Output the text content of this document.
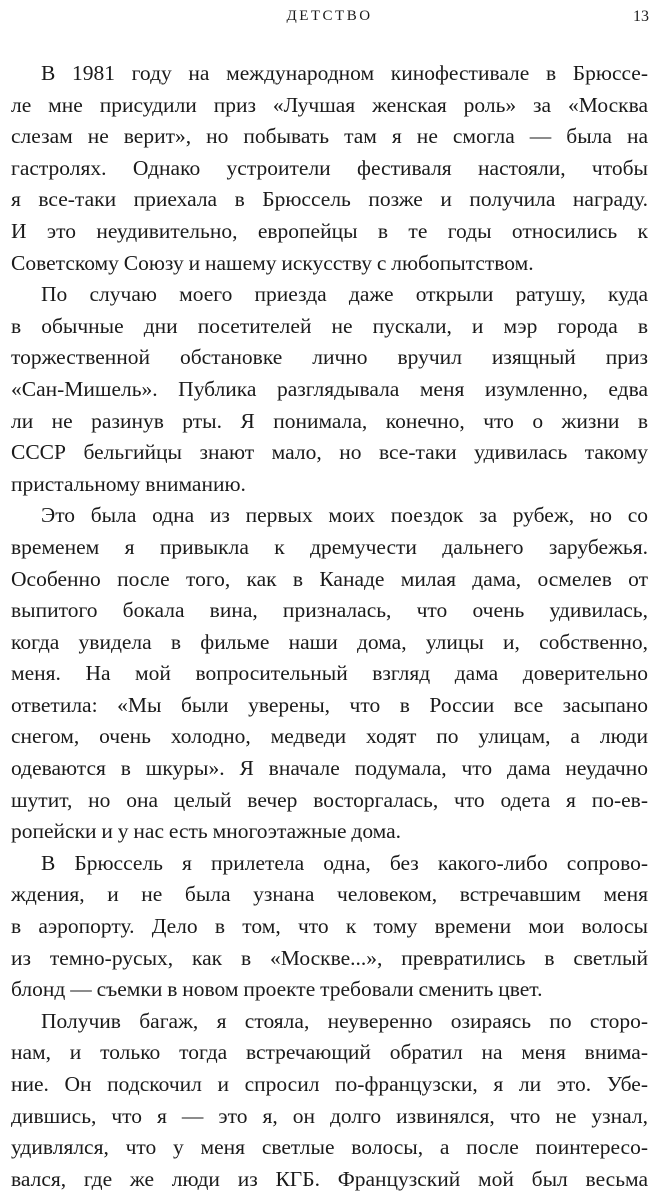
ДЕТСТВО	13

В 1981 году на международном кинофестивале в Брюссе-
ле мне присудили приз «Лучшая женская роль» за «Москва
слезам не верит», но побывать там я не смогла — была на
гастролях. Однако устроители фестиваля настояли, чтобы
я все-таки приехала в Брюссель позже и получила награду.
И это неудивительно, европейцы в те годы относились к
Советскому Союзу и нашему искусству с любопытством.

По случаю моего приезда даже открыли ратушу, куда
в обычные дни посетителей не пускали, и мэр города в
торжественной обстановке лично вручил изящный приз
«Сан-Мишель». Публика разглядывала меня изумленно, едва
ли не разинув рты. Я понимала, конечно, что о жизни в
СССР бельгийцы знают мало, но все-таки удивилась такому
пристальному вниманию.

Это была одна из первых моих поездок за рубеж, но со
временем я привыкла к дремучести дальнего зарубежья.
Особенно после того, как в Канаде милая дама, осмелев от
выпитого бокала вина, призналась, что очень удивилась,
когда увидела в фильме наши дома, улицы и, собственно,
меня. На мой вопросительный взгляд дама доверительно
ответила: «Мы были уверены, что в России все засыпано
снегом, очень холодно, медведи ходят по улицам, а люди
одеваются в шкуры». Я вначале подумала, что дама неудачно
шутит, но она целый вечер восторгалась, что одета я по-ев-
ропейски и у нас есть многоэтажные дома.

В Брюссель я прилетела одна, без какого-либо сопрово-
ждения, и не была узнана человеком, встречавшим меня
в аэропорту. Дело в том, что к тому времени мои волосы
из темно-русых, как в «Москве...», превратились в светлый
блонд — съемки в новом проекте требовали сменить цвет.

Получив багаж, я стояла, неуверенно озираясь по сторо-
нам, и только тогда встречающий обратил на меня внима-
ние. Он подскочил и спросил по-французски, я ли это. Убе-
дившись, что я — это я, он долго извинялся, что не узнал,
удивлялся, что у меня светлые волосы, а после поинтересо-
вался, где же люди из КГБ. Французский мой был весьма
